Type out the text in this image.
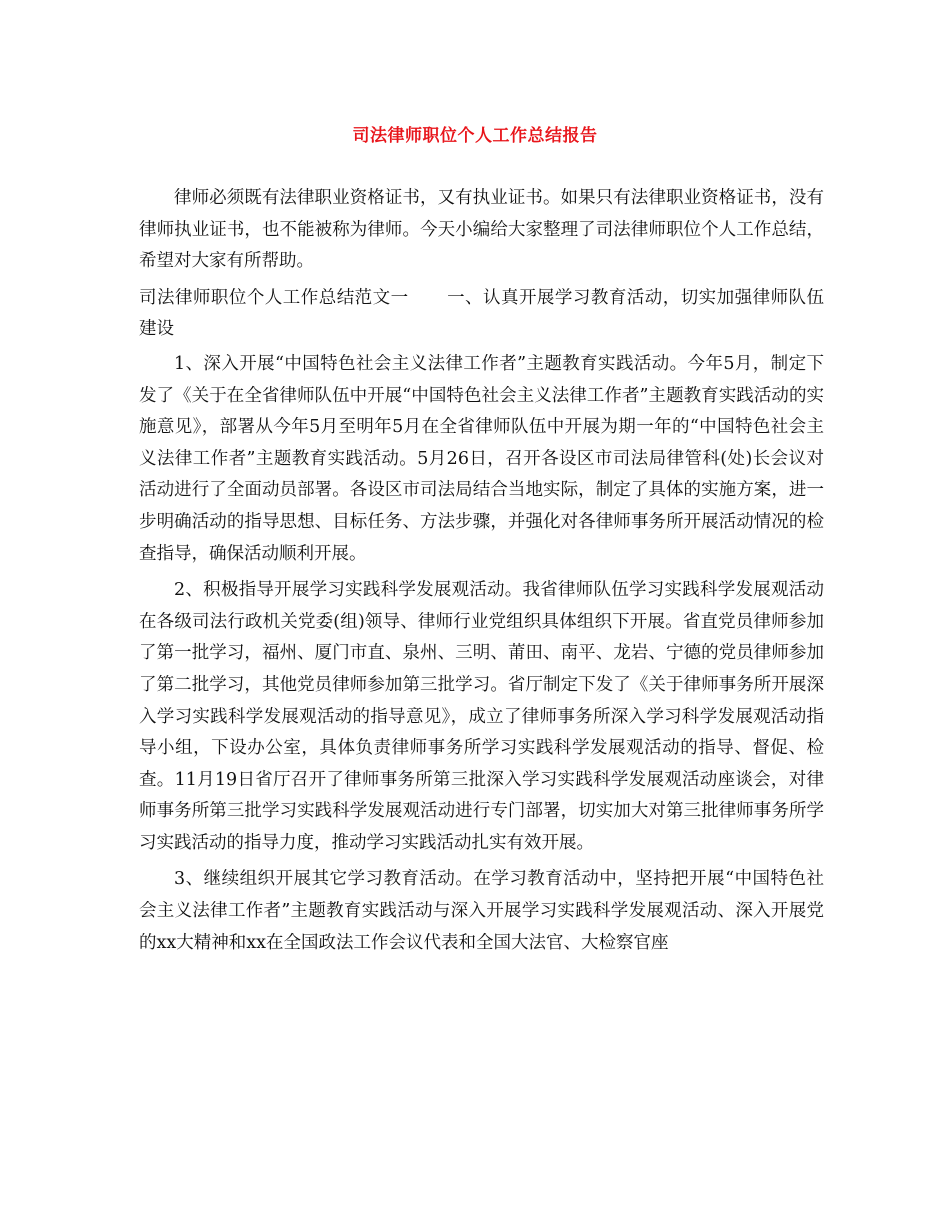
司法律师职位个人工作总结报告

律师必须既有法律职业资格证书，又有执业证书。如果只有法律职业资格证书，没有律师执业证书，也不能被称为律师。今天小编给大家整理了司法律师职位个人工作总结，希望对大家有所帮助。

司法律师职位个人工作总结范文一 一、认真开展学习教育活动，切实加强律师队伍建设

1、深入开展“中国特色社会主义法律工作者”主题教育实践活动。今年5月，制定下发了《关于在全省律师队伍中开展“中国特色社会主义法律工作者”主题教育实践活动的实施意见》，部署从今年5月至明年5月在全省律师队伍中开展为期一年的“中国特色社会主义法律工作者”主题教育实践活动。5月26日，召开各设区市司法局律管科(处)长会议对活动进行了全面动员部署。各设区市司法局结合当地实际，制定了具体的实施方案，进一步明确活动的指导思想、目标任务、方法步骤，并强化对各律师事务所开展活动情况的检查指导，确保活动顺利开展。

2、积极指导开展学习实践科学发展观活动。我省律师队伍学习实践科学发展观活动在各级司法行政机关党委(组)领导、律师行业党组织具体组织下开展。省直党员律师参加了第一批学习，福州、厦门市直、泉州、三明、莆田、南平、龙岩、宁德的党员律师参加了第二批学习，其他党员律师参加第三批学习。省厅制定下发了《关于律师事务所开展深入学习实践科学发展观活动的指导意见》，成立了律师事务所深入学习科学发展观活动指导小组，下设办公室，具体负责律师事务所学习实践科学发展观活动的指导、督促、检查。11月19日省厅召开了律师事务所第三批深入学习实践科学发展观活动座谈会，对律师事务所第三批学习实践科学发展观活动进行专门部署，切实加大对第三批律师事务所学习实践活动的指导力度，推动学习实践活动扎实有效开展。

3、继续组织开展其它学习教育活动。在学习教育活动中，坚持把开展“中国特色社会主义法律工作者”主题教育实践活动与深入开展学习实践科学发展观活动、深入开展党的xx大精神和xx在全国政法工作会议代表和全国大法官、大检察官座
